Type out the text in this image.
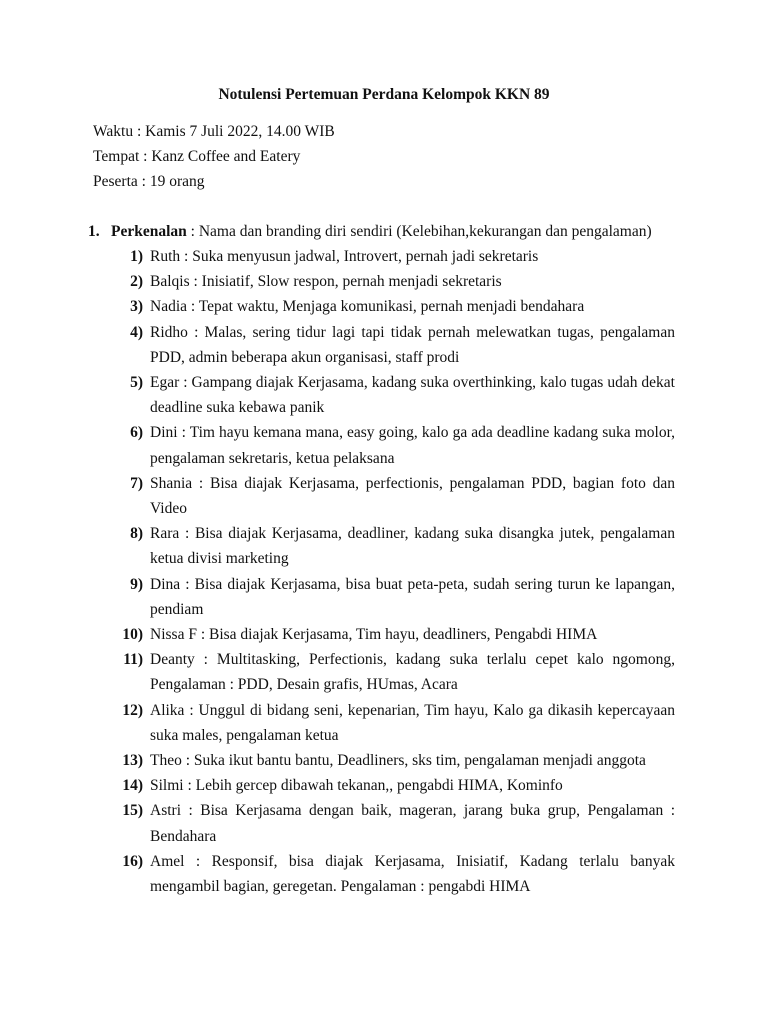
Notulensi Pertemuan Perdana Kelompok KKN 89
Waktu : Kamis 7 Juli 2022, 14.00 WIB
Tempat : Kanz Coffee and Eatery
Peserta : 19 orang
1. Perkenalan : Nama dan branding diri sendiri (Kelebihan,kekurangan dan pengalaman)
1) Ruth : Suka menyusun jadwal, Introvert, pernah jadi sekretaris
2) Balqis : Inisiatif, Slow respon, pernah menjadi sekretaris
3) Nadia : Tepat waktu, Menjaga komunikasi, pernah menjadi bendahara
4) Ridho : Malas, sering tidur lagi tapi tidak pernah melewatkan tugas, pengalaman PDD, admin beberapa akun organisasi, staff prodi
5) Egar : Gampang diajak Kerjasama, kadang suka overthinking, kalo tugas udah dekat deadline suka kebawa panik
6) Dini : Tim hayu kemana mana, easy going, kalo ga ada deadline kadang suka molor, pengalaman sekretaris, ketua pelaksana
7) Shania : Bisa diajak Kerjasama, perfectionis, pengalaman PDD, bagian foto dan Video
8) Rara : Bisa diajak Kerjasama, deadliner, kadang suka disangka jutek, pengalaman ketua divisi marketing
9) Dina : Bisa diajak Kerjasama, bisa buat peta-peta, sudah sering turun ke lapangan, pendiam
10) Nissa F : Bisa diajak Kerjasama, Tim hayu, deadliners, Pengabdi HIMA
11) Deanty : Multitasking, Perfectionis, kadang suka terlalu cepet kalo ngomong, Pengalaman : PDD, Desain grafis, HUmas, Acara
12) Alika : Unggul di bidang seni, kepenarian, Tim hayu, Kalo ga dikasih kepercayaan suka males, pengalaman ketua
13) Theo : Suka ikut bantu bantu, Deadliners, sks tim, pengalaman menjadi anggota
14) Silmi : Lebih gercep dibawah tekanan,, pengabdi HIMA, Kominfo
15) Astri : Bisa Kerjasama dengan baik, mageran, jarang buka grup, Pengalaman : Bendahara
16) Amel : Responsif, bisa diajak Kerjasama, Inisiatif, Kadang terlalu banyak mengambil bagian, geregetan. Pengalaman : pengabdi HIMA
